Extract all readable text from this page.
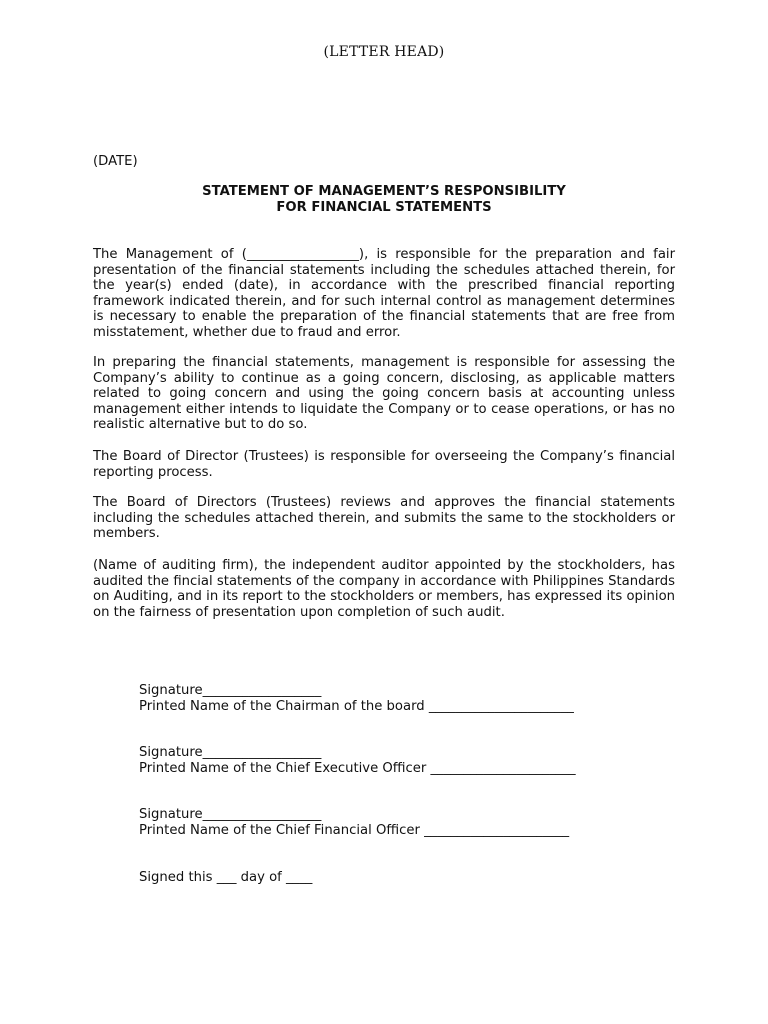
(LETTER HEAD)
(DATE)
STATEMENT OF MANAGEMENT’S RESPONSIBILITY
FOR FINANCIAL STATEMENTS

The Management of (_________________), is responsible for the preparation and fair presentation of the financial statements including the schedules attached therein, for the year(s) ended (date), in accordance with the prescribed financial reporting framework indicated therein, and for such internal control as management determines is necessary to enable the preparation of the financial statements that are free from misstatement, whether due to fraud and error.

In preparing the financial statements, management is responsible for assessing the Company’s ability to continue as a going concern, disclosing, as applicable matters related to going concern and using the going concern basis at accounting unless management either intends to liquidate the Company or to cease operations, or has no realistic alternative but to do so.

The Board of Director (Trustees) is responsible for overseeing the Company’s financial reporting process.

The Board of Directors (Trustees) reviews and approves the financial statements including the schedules attached therein, and submits the same to the stockholders or members.

(Name of auditing firm), the independent auditor appointed by the stockholders, has audited the fincial statements of the company in accordance with Philippines Standards on Auditing, and in its report to the stockholders or members, has expressed its opinion on the fairness of presentation upon completion of such audit.

Signature__________________
Printed Name of the Chairman of the board ______________________
Signature__________________
Printed Name of the Chief Executive Officer ______________________
Signature__________________
Printed Name of the Chief Financial Officer ______________________
Signed this ___ day of ____
